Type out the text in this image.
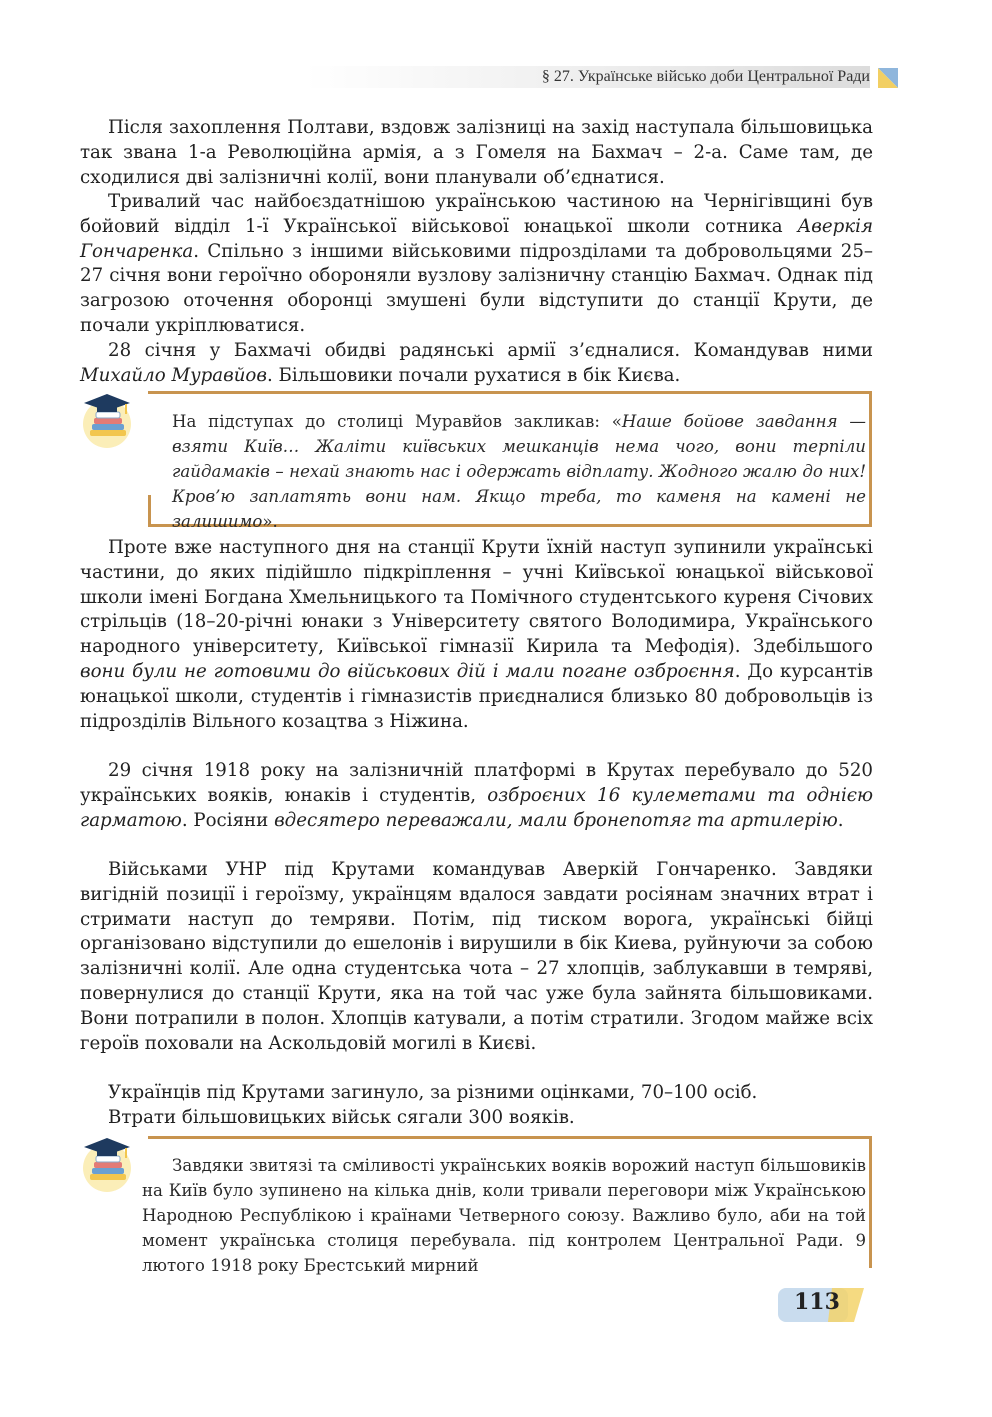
§ 27. Українське військо доби Центральної Ради

Після захоплення Полтави, вздовж залізниці на захід наступала більшовицька так звана 1-а Революційна армія, а з Гомеля на Бахмач – 2-а. Саме там, де сходилися дві залізничні колії, вони планували об’єднатися.

Тривалий час найбоєздатнішою українською частиною на Чернігівщині був бойовий відділ 1-ї Української військової юнацької школи сотника Аверкія Гончаренка. Спільно з іншими військовими підрозділами та добровольцями 25–27 січня вони героїчно обороняли вузлову залізничну станцію Бахмач. Однак під загрозою оточення оборонці змушені були відступити до станції Крути, де почали укріплюватися.

28 січня у Бахмачі обидві радянські армії з’єдналися. Командував ними Михайло Муравйов. Більшовики почали рухатися в бік Києва.

На підступах до столиці Муравйов закликав: «Наше бойове завдання — взяти Київ… Жаліти київських мешканців нема чого, вони терпіли гайдамаків – нехай знають нас і одержать відплату. Жодного жалю до них! Кров’ю заплатять вони нам. Якщо треба, то каменя на камені не залишимо».

Проте вже наступного дня на станції Крути їхній наступ зупинили українські частини, до яких підійшло підкріплення – учні Київської юнацької військової школи імені Богдана Хмельницького та Помічного студентського куреня Січових стрільців (18–20-річні юнаки з Університету святого Володимира, Українського народного університету, Київської гімназії Кирила та Мефодія). Здебільшого вони були не готовими до військових дій і мали погане озброєння. До курсантів юнацької школи, студентів і гімназистів приєдналися близько 80 добровольців із підрозділів Вільного козацтва з Ніжина.

29 січня 1918 року на залізничній платформі в Крутах перебувало до 520 українських вояків, юнаків і студентів, озброєних 16 кулеметами та однією гарматою. Росіяни вдесятеро переважали, мали бронепотяг та артилерію.

Військами УНР під Крутами командував Аверкій Гончаренко. Завдяки вигідній позиції і героїзму, українцям вдалося завдати росіянам значних втрат і стримати наступ до темряви. Потім, під тиском ворога, українські бійці організовано відступили до ешелонів і вирушили в бік Киева, руйнуючи за собою залізничні колії. Але одна студентська чота – 27 хлопців, заблукавши в темряві, повернулися до станції Крути, яка на той час уже була зайнята більшовиками. Вони потрапили в полон. Хлопців катували, а потім стратили. Згодом майже всіх героїв поховали на Аскольдовій могилі в Києві.

Українців під Крутами загинуло, за різними оцінками, 70–100 осіб.

Втрати більшовицьких військ сягали 300 вояків.

Завдяки звитязі та сміливості українських вояків ворожий наступ більшовиків на Київ було зупинено на кілька днів, коли тривали переговори між Українською Народною Республікою і країнами Четверного союзу. Важливо було, аби на той момент українська столиця перебувала. під контролем Центральної Ради. 9 лютого 1918 року Брестський мирний

113
